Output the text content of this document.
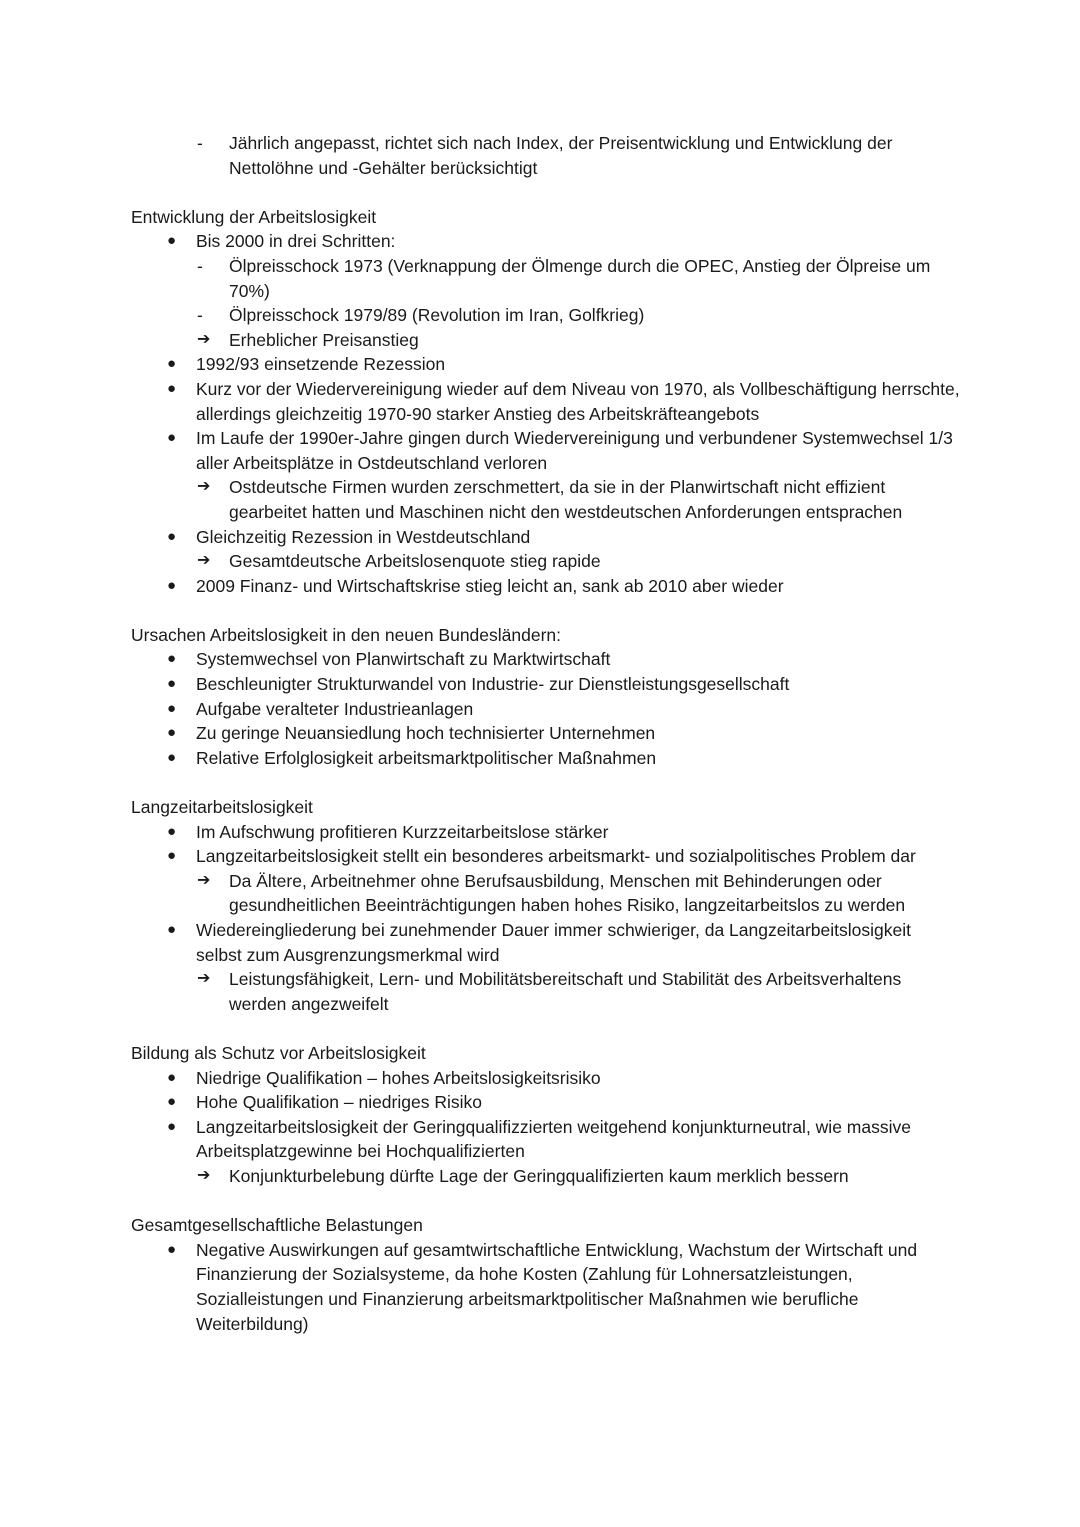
- Jährlich angepasst, richtet sich nach Index, der Preisentwicklung und Entwicklung der Nettolöhne und -Gehälter berücksichtigt
Entwicklung der Arbeitslosigkeit
● Bis 2000 in drei Schritten:
- Ölpreisschock 1973 (Verknappung der Ölmenge durch die OPEC, Anstieg der Ölpreise um 70%)
- Ölpreisschock 1979/89 (Revolution im Iran, Golfkrieg)
➔ Erheblicher Preisanstieg
● 1992/93 einsetzende Rezession
● Kurz vor der Wiedervereinigung wieder auf dem Niveau von 1970, als Vollbeschäftigung herrschte, allerdings gleichzeitig 1970-90 starker Anstieg des Arbeitskräfteangebots
● Im Laufe der 1990er-Jahre gingen durch Wiedervereinigung und verbundener Systemwechsel 1/3 aller Arbeitsplätze in Ostdeutschland verloren
➔ Ostdeutsche Firmen wurden zerschmettert, da sie in der Planwirtschaft nicht effizient gearbeitet hatten und Maschinen nicht den westdeutschen Anforderungen entsprachen
● Gleichzeitig Rezession in Westdeutschland
➔ Gesamtdeutsche Arbeitslosenquote stieg rapide
● 2009 Finanz- und Wirtschaftskrise stieg leicht an, sank ab 2010 aber wieder
Ursachen Arbeitslosigkeit in den neuen Bundesländern:
● Systemwechsel von Planwirtschaft zu Marktwirtschaft
● Beschleunigter Strukturwandel von Industrie- zur Dienstleistungsgesellschaft
● Aufgabe veralteter Industrieanlagen
● Zu geringe Neuansiedlung hoch technisierter Unternehmen
● Relative Erfolglosigkeit arbeitsmarktpolitischer Maßnahmen
Langzeitarbeitslosigkeit
● Im Aufschwung profitieren Kurzzeitarbeitslose stärker
● Langzeitarbeitslosigkeit stellt ein besonderes arbeitsmarkt- und sozialpolitisches Problem dar
➔ Da Ältere, Arbeitnehmer ohne Berufsausbildung, Menschen mit Behinderungen oder gesundheitlichen Beeinträchtigungen haben hohes Risiko, langzeitarbeitslos zu werden
● Wiedereingliederung bei zunehmender Dauer immer schwieriger, da Langzeitarbeitslosigkeit selbst zum Ausgrenzungsmerkmal wird
➔ Leistungsfähigkeit, Lern- und Mobilitätsbereitschaft und Stabilität des Arbeitsverhaltens werden angezweifelt
Bildung als Schutz vor Arbeitslosigkeit
● Niedrige Qualifikation – hohes Arbeitslosigkeitsrisiko
● Hohe Qualifikation – niedriges Risiko
● Langzeitarbeitslosigkeit der Geringqualifizzierten weitgehend konjunkturneutral, wie massive Arbeitsplatzgewinne bei Hochqualifizierten
➔ Konjunkturbelebung dürfte Lage der Geringqualifizierten kaum merklich bessern
Gesamtgesellschaftliche Belastungen
● Negative Auswirkungen auf gesamtwirtschaftliche Entwicklung, Wachstum der Wirtschaft und Finanzierung der Sozialsysteme, da hohe Kosten (Zahlung für Lohnersatzleistungen, Sozialleistungen und Finanzierung arbeitsmarktpolitischer Maßnahmen wie berufliche Weiterbildung)
